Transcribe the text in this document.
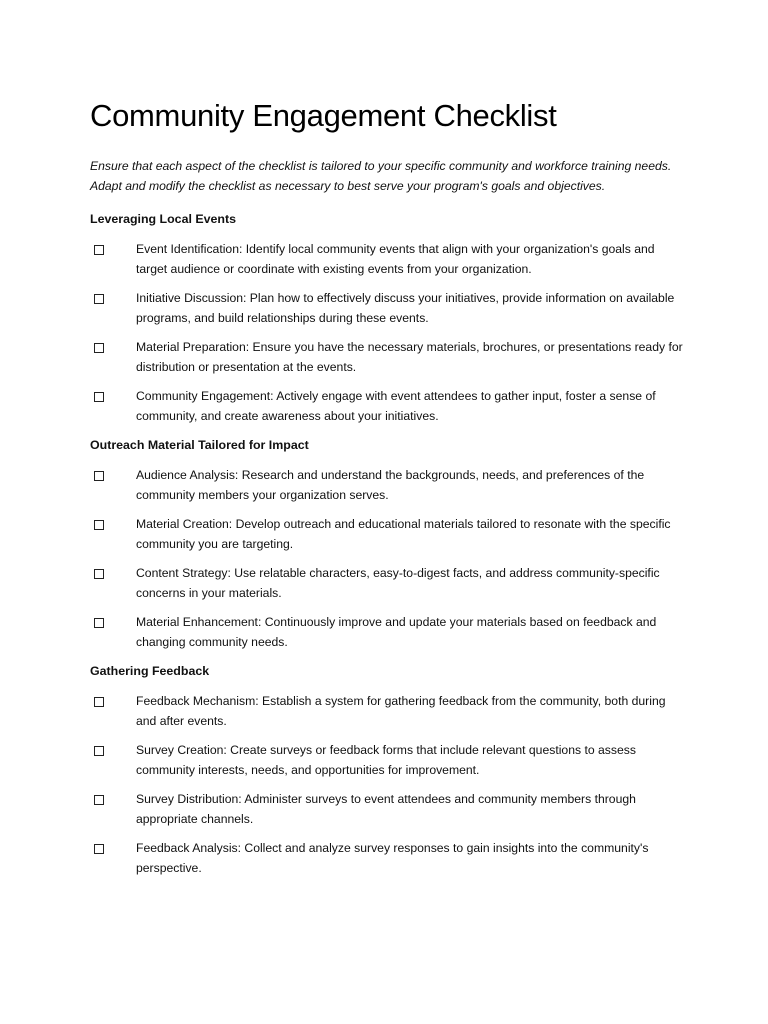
Community Engagement Checklist

Ensure that each aspect of the checklist is tailored to your specific community and workforce training needs. Adapt and modify the checklist as necessary to best serve your program's goals and objectives.

Leveraging Local Events
Event Identification: Identify local community events that align with your organization's goals and target audience or coordinate with existing events from your organization.
Initiative Discussion: Plan how to effectively discuss your initiatives, provide information on available programs, and build relationships during these events.
Material Preparation: Ensure you have the necessary materials, brochures, or presentations ready for distribution or presentation at the events.
Community Engagement: Actively engage with event attendees to gather input, foster a sense of community, and create awareness about your initiatives.
Outreach Material Tailored for Impact
Audience Analysis: Research and understand the backgrounds, needs, and preferences of the community members your organization serves.
Material Creation: Develop outreach and educational materials tailored to resonate with the specific community you are targeting.
Content Strategy: Use relatable characters, easy-to-digest facts, and address community-specific concerns in your materials.
Material Enhancement: Continuously improve and update your materials based on feedback and changing community needs.
Gathering Feedback
Feedback Mechanism: Establish a system for gathering feedback from the community, both during and after events.
Survey Creation: Create surveys or feedback forms that include relevant questions to assess community interests, needs, and opportunities for improvement.
Survey Distribution: Administer surveys to event attendees and community members through appropriate channels.
Feedback Analysis: Collect and analyze survey responses to gain insights into the community's perspective.
